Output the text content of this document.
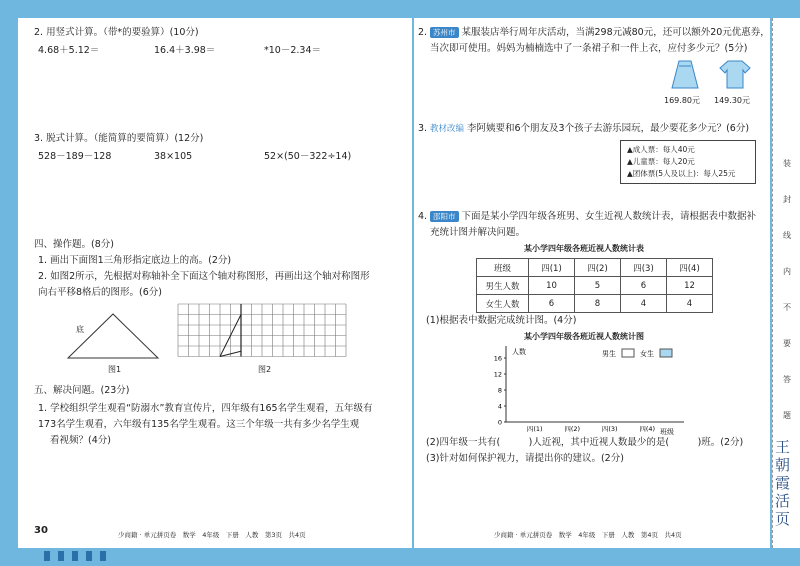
2. 用竖式计算。（带*的要验算）(10分)
4.68＋5.12＝	16.4＋3.98＝	*10－2.34＝
3. 脱式计算。（能简算的要简算）(12分)
528－189－128	38×105	52×(50－322÷14)
四、操作题。(8分)
1. 画出下面图1三角形指定底边上的高。(2分)
2. 如图2所示，先根据对称轴补全下面这个轴对称图形，再画出这个轴对称图形
向右平移8格后的图形。(6分)
底
图1	图2
五、解决问题。(23分)
1. 学校组织学生观看“防溺水”教育宣传片，四年级有165名学生观看，五年级有
173名学生观看，六年级有135名学生观看。这三个年级一共有多少名学生观
看视频？(4分)
30	少商籍 · 单元拼页卷　数学　4年级　下册　人教　第3页　共4页
2. 苏州市 某服装店举行周年庆活动，当满298元减80元，还可以额外20元优惠券，
当次即可使用。妈妈为楠楠选中了一条裙子和一件上衣，应付多少元？(5分)
169.80元 149.30元
3. 教材改编 李阿姨要和6个朋友及3个孩子去游乐园玩，最少要花多少元？(6分)
▲成人票：每人40元
▲儿童票：每人20元
▲团体票(5人及以上)：每人25元
4. 邵阳市 下面是某小学四年级各班男、女生近视人数统计表，请根据表中数据补
充统计图并解决问题。
某小学四年级各班近视人数统计表
班级	四(1)	四(2)	四(3)	四(4)
男生人数	10	5	6	12
女生人数	6	8	4	4
(1)根据表中数据完成统计图。(4分)
某小学四年级各班近视人数统计图
人数
班级
男生	女生
0
4
8
12
16
四(1)	四(2)	四(3)	四(4)
(2)四年级一共有(　　　)人近视，其中近视人数最少的是(　　　)班。(2分)
(3)针对如何保护视力，请提出你的建议。(2分)
少商籍 · 单元拼页卷　数学　4年级　下册　人教　第4页　共4页
装
封
线
内
不
要
答
题
王朝霞活页
